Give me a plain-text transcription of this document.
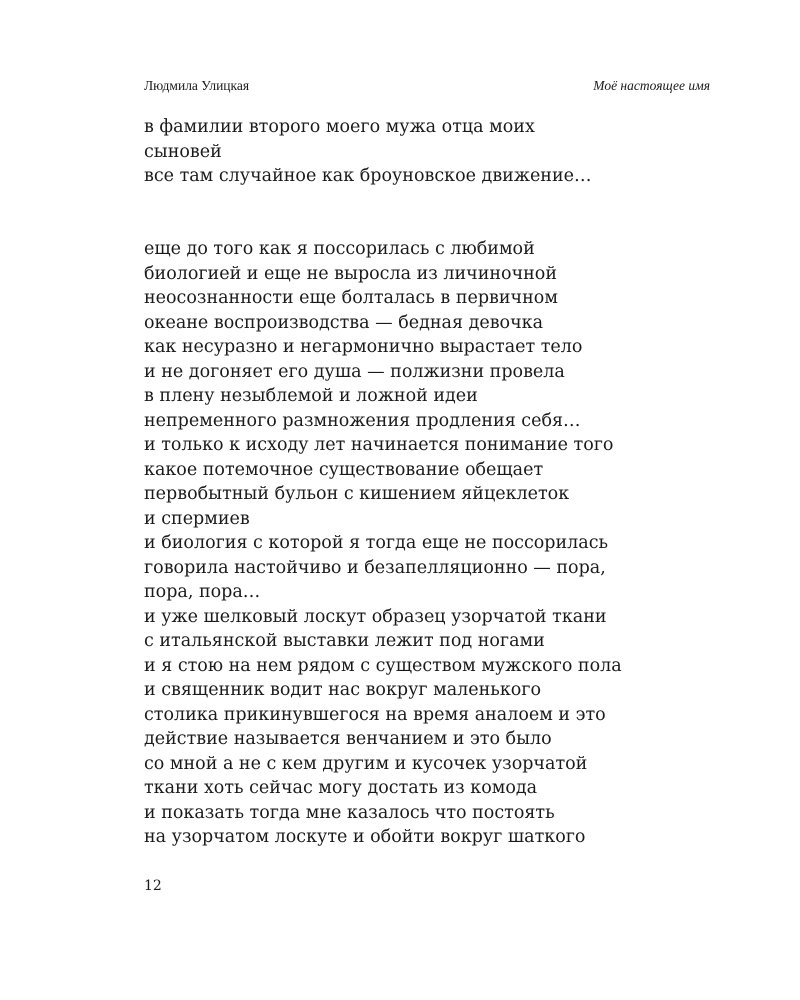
Людмила Улицкая	Моё настоящее имя
в фамилии второго моего мужа отца моих
сыновей
все там случайное как броуновское движение…
еще до того как я поссорилась с любимой
биологией и еще не выросла из личиночной
неосознанности еще болталась в первичном
океане воспроизводства — бедная девочка
как несуразно и негармонично вырастает тело
и не догоняет его душа — полжизни провела
в плену незыблемой и ложной идеи
непременного размножения продления себя…
и только к исходу лет начинается понимание того
какое потемочное существование обещает
первобытный бульон с кишением яйцеклеток
и спермиев
и биология с которой я тогда еще не поссорилась
говорила настойчиво и безапелляционно — пора,
пора, пора…
и уже шелковый лоскут образец узорчатой ткани
с итальянской выставки лежит под ногами
и я стою на нем рядом с существом мужского пола
и священник водит нас вокруг маленького
столика прикинувшегося на время аналоем и это
действие называется венчанием и это было
со мной а не с кем другим и кусочек узорчатой
ткани хоть сейчас могу достать из комода
и показать тогда мне казалось что постоять
на узорчатом лоскуте и обойти вокруг шаткого
12
